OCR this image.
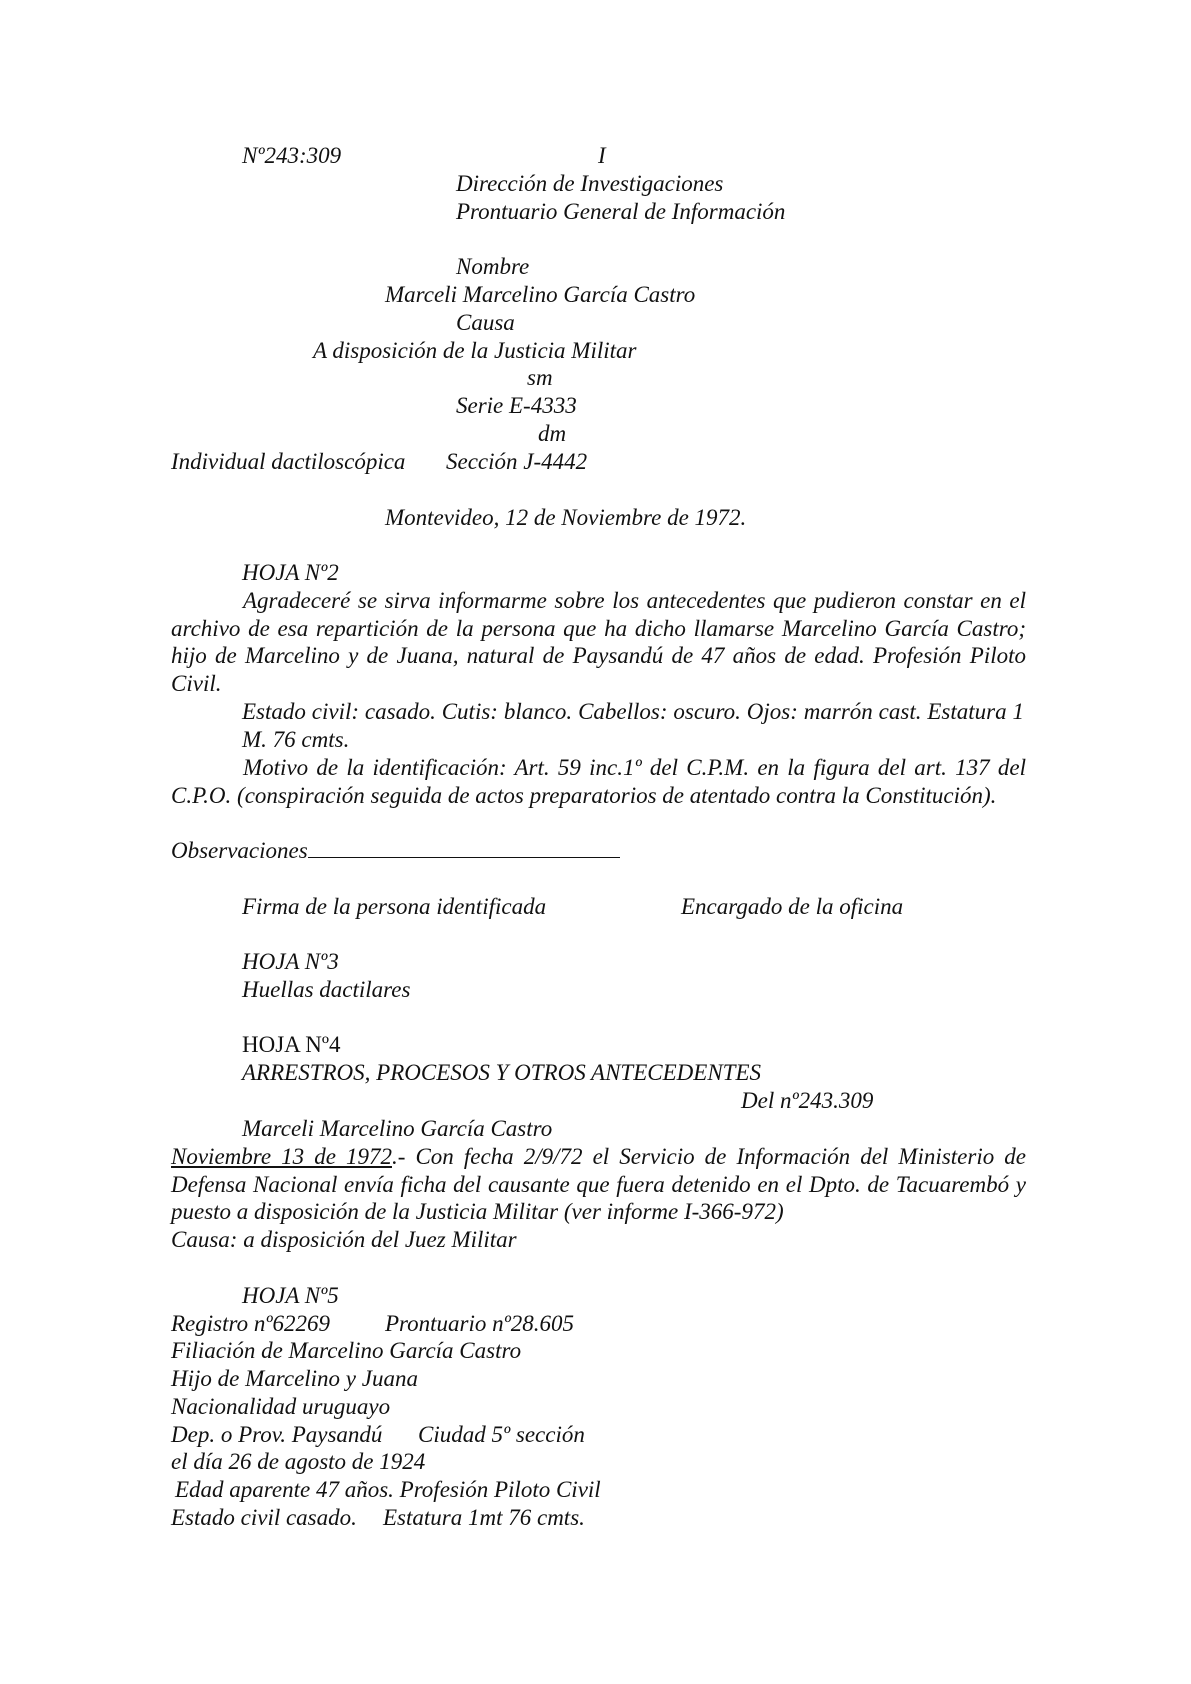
Nº243:309	I
Dirección de Investigaciones
Prontuario General de Información
Nombre
Marceli Marcelino García Castro
Causa
A disposición de la Justicia Militar
sm
Serie E-4333
dm
Individual dactiloscópica Sección J-4442
Montevideo, 12 de Noviembre de 1972.
HOJA Nº2

Agradeceré se sirva informarme sobre los antecedentes que pudieron constar en el archivo de esa repartición de la persona que ha dicho llamarse Marcelino García Castro; hijo de Marcelino y de Juana, natural de Paysandú de 47 años de edad. Profesión Piloto Civil.

Estado civil: casado. Cutis: blanco. Cabellos: oscuro. Ojos: marrón cast. Estatura 1 M. 76 cmts.

Motivo de la identificación: Art. 59 inc.1º del C.P.M. en la figura del art. 137 del C.P.O. (conspiración seguida de actos preparatorios de atentado contra la Constitución).

Observaciones
Firma de la persona identificada	Encargado de la oficina
HOJA Nº3
Huellas dactilares
HOJA Nº4
ARRESTROS, PROCESOS Y OTROS ANTECEDENTES
Del nº243.309
Marceli Marcelino García Castro

Noviembre 13 de 1972.- Con fecha 2/9/72 el Servicio de Información del Ministerio de Defensa Nacional envía ficha del causante que fuera detenido en el Dpto. de Tacuarembó y puesto a disposición de la Justicia Militar (ver informe I-366-972)

Causa: a disposición del Juez Militar
HOJA Nº5
Registro nº62269 Prontuario nº28.605
Filiación de Marcelino García Castro
Hijo de Marcelino y Juana
Nacionalidad uruguayo
Dep. o Prov. Paysandú Ciudad 5º sección
el día 26 de agosto de 1924
Edad aparente 47 años. Profesión Piloto Civil
Estado civil casado. Estatura 1mt 76 cmts.
